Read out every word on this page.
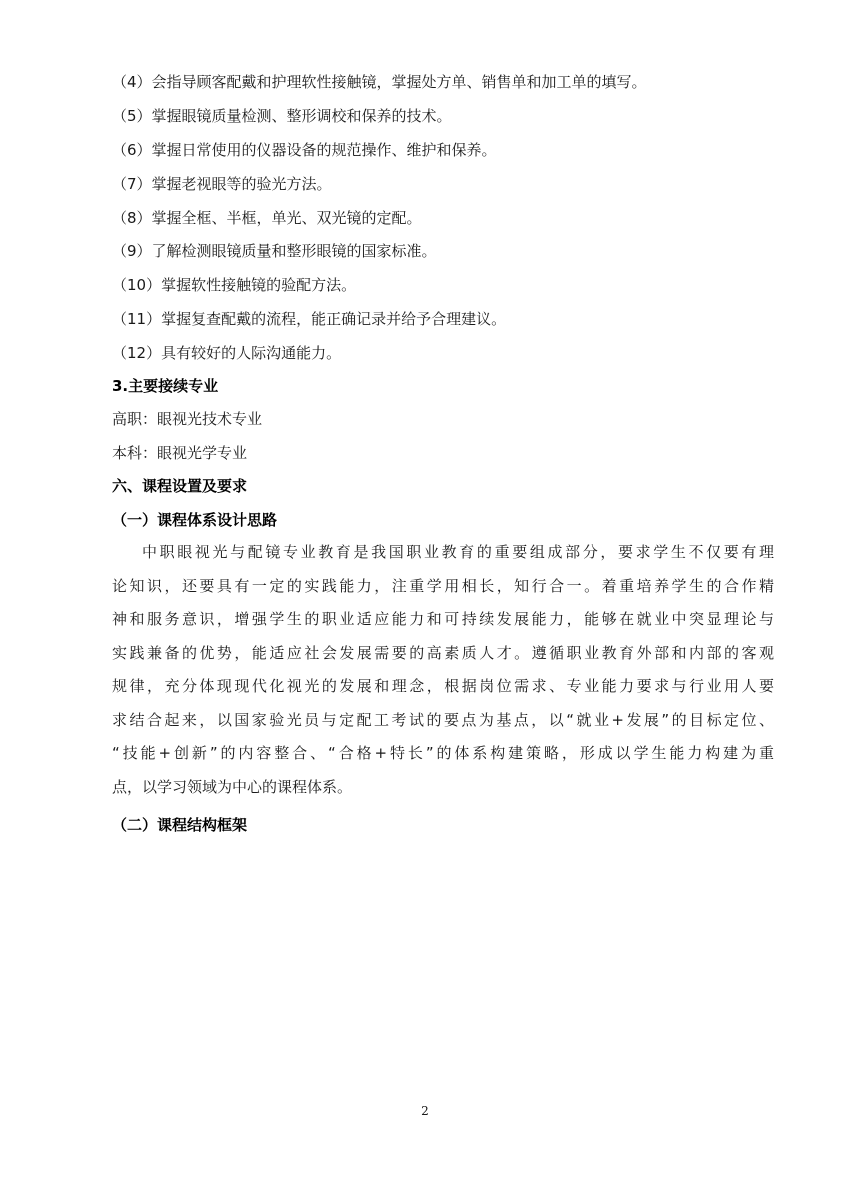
（4）会指导顾客配戴和护理软性接触镜，掌握处方单、销售单和加工单的填写。
（5）掌握眼镜质量检测、整形调校和保养的技术。
（6）掌握日常使用的仪器设备的规范操作、维护和保养。
（7）掌握老视眼等的验光方法。
（8）掌握全框、半框，单光、双光镜的定配。
（9）了解检测眼镜质量和整形眼镜的国家标准。
（10）掌握软性接触镜的验配方法。
（11）掌握复查配戴的流程，能正确记录并给予合理建议。
（12）具有较好的人际沟通能力。
3.主要接续专业
高职：眼视光技术专业
本科：眼视光学专业
六、课程设置及要求
（一）课程体系设计思路
中职眼视光与配镜专业教育是我国职业教育的重要组成部分，要求学生不仅要有理
论知识，还要具有一定的实践能力，注重学用相长，知行合一。着重培养学生的合作精
神和服务意识，增强学生的职业适应能力和可持续发展能力，能够在就业中突显理论与
实践兼备的优势，能适应社会发展需要的高素质人才。遵循职业教育外部和内部的客观
规律，充分体现现代化视光的发展和理念，根据岗位需求、专业能力要求与行业用人要
求结合起来，以国家验光员与定配工考试的要点为基点，以“就业+发展”的目标定位、
“技能+创新”的内容整合、“合格+特长”的体系构建策略，形成以学生能力构建为重
点，以学习领域为中心的课程体系。
（二）课程结构框架
2
